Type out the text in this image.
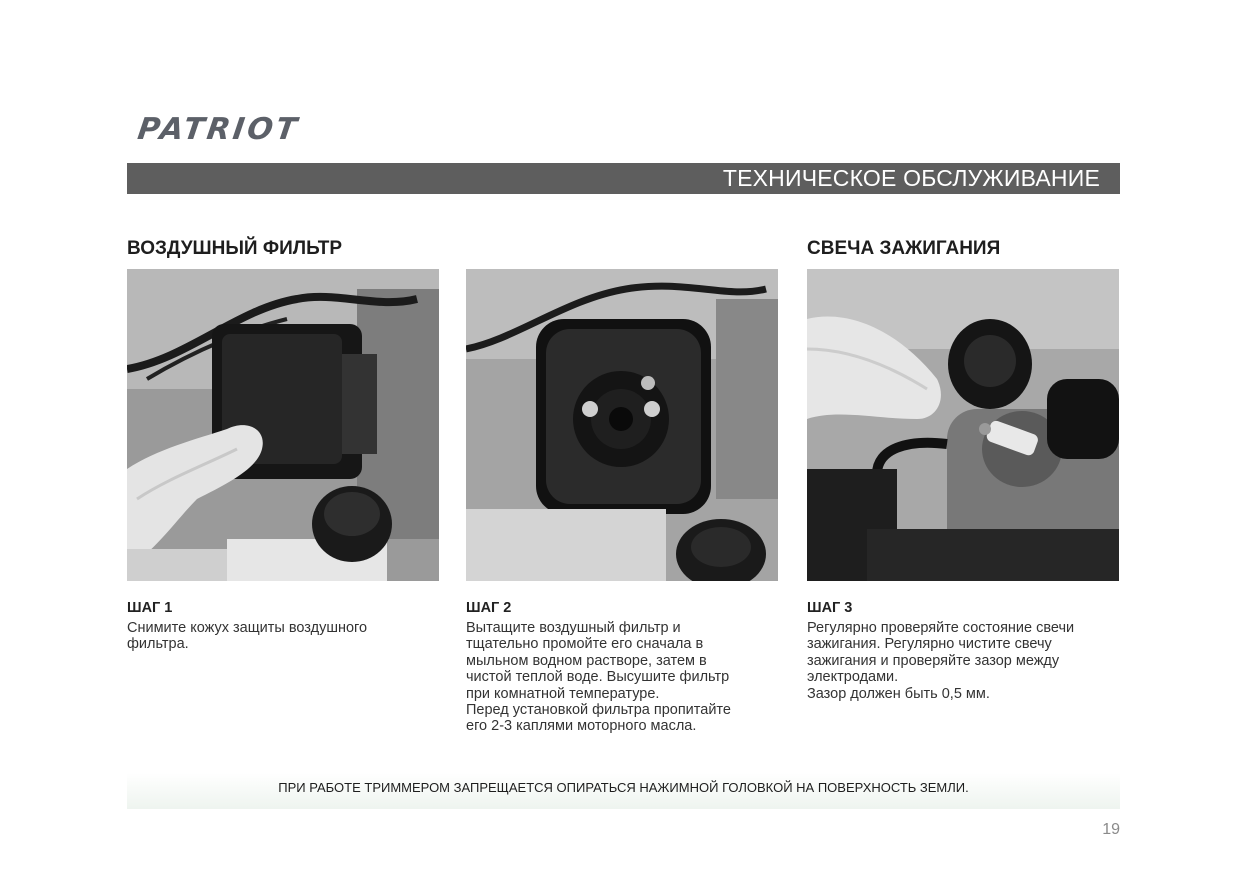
PATRIOT
ТЕХНИЧЕСКОЕ ОБСЛУЖИВАНИЕ
ВОЗДУШНЫЙ ФИЛЬТР	СВЕЧА ЗАЖИГАНИЯ
ШАГ 1
Снимите кожух защиты воздушного
фильтра.
ШАГ 2
Вытащите воздушный фильтр и
тщательно промойте его сначала в
мыльном водном растворе, затем в
чистой теплой воде. Высушите фильтр
при комнатной температуре.
Перед установкой фильтра пропитайте
его 2-3 каплями моторного масла.
ШАГ 3
Регулярно проверяйте состояние свечи
зажигания. Регулярно чистите свечу
зажигания и проверяйте зазор между
электродами.
Зазор должен быть 0,5 мм.
ПРИ РАБОТЕ ТРИММЕРОМ ЗАПРЕЩАЕТСЯ ОПИРАТЬСЯ НАЖИМНОЙ ГОЛОВКОЙ НА ПОВЕРХНОСТЬ ЗЕМЛИ.
19
